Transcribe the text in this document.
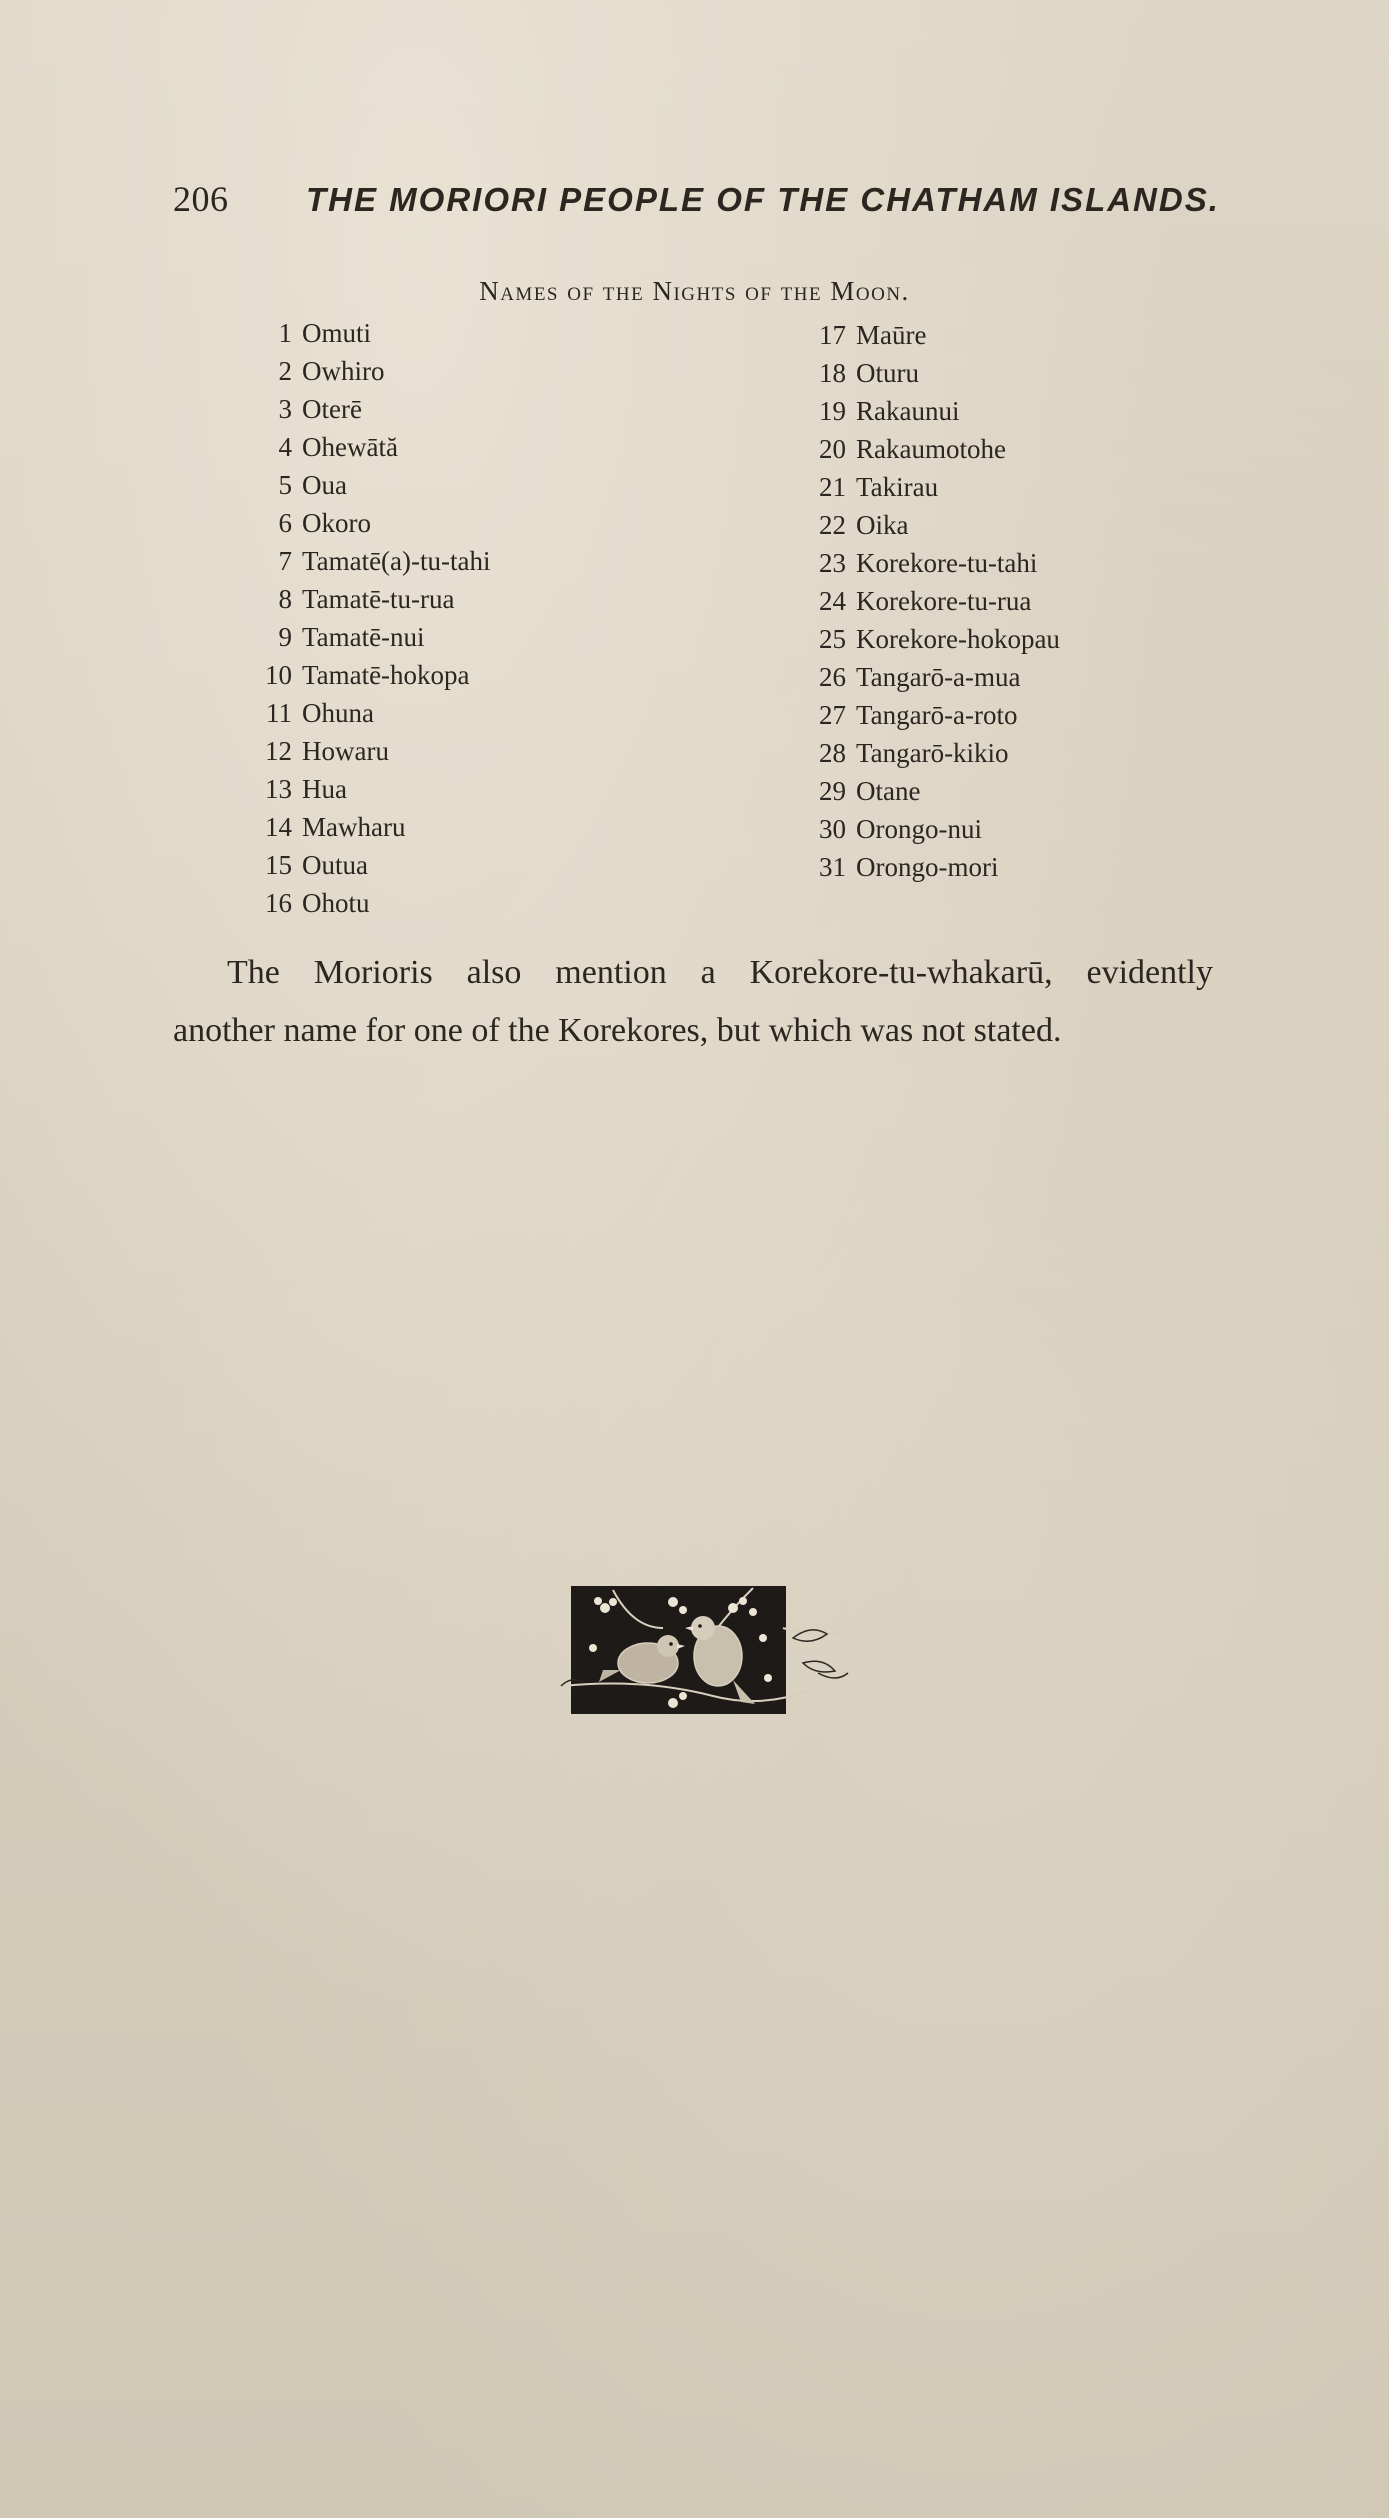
206 THE MORIORI PEOPLE OF THE CHATHAM ISLANDS.
Names of the Nights of the Moon.
1 Omuti
2 Owhiro
3 Oterē
4 Ohewātă
5 Oua
6 Okoro
7 Tamatē(a)-tu-tahi
8 Tamatē-tu-rua
9 Tamatē-nui
10 Tamatē-hokopa
11 Ohuna
12 Howaru
13 Hua
14 Mawharu
15 Outua
16 Ohotu
17 Maūre
18 Oturu
19 Rakaunui
20 Rakaumotohe
21 Takirau
22 Oika
23 Korekore-tu-tahi
24 Korekore-tu-rua
25 Korekore-hokopau
26 Tangarō-a-mua
27 Tangarō-a-roto
28 Tangarō-kikio
29 Otane
30 Orongo-nui
31 Orongo-mori

The Morioris also mention a Korekore-tu-whakarū, evidently
another name for one of the Korekores, but which was not stated.
